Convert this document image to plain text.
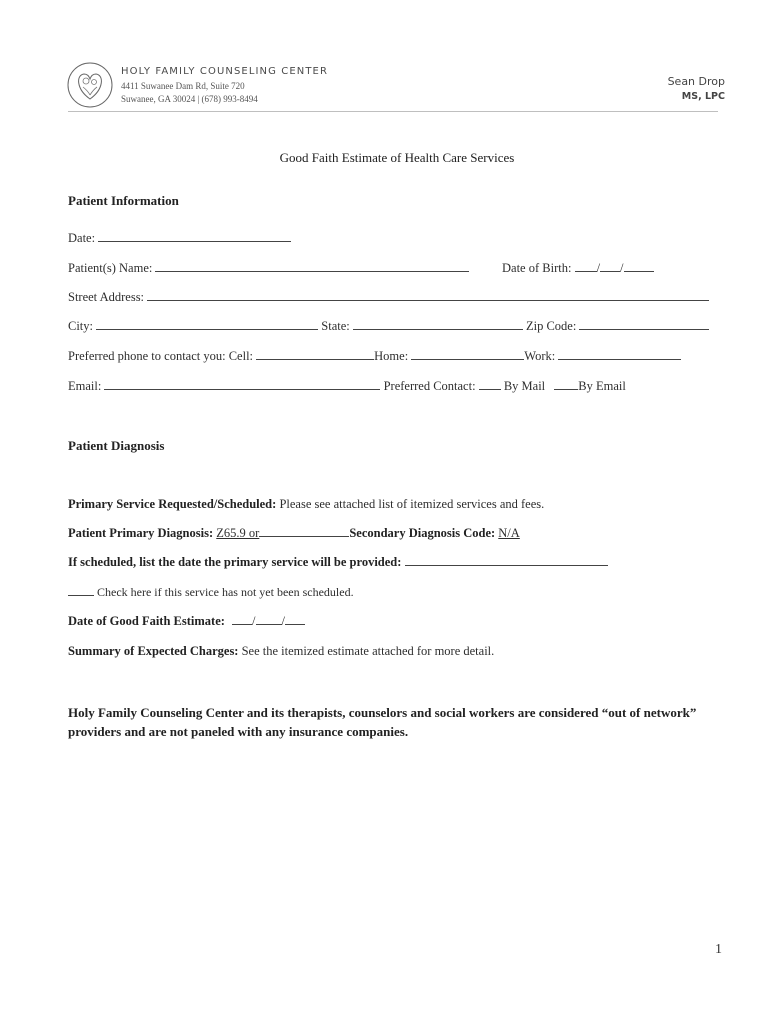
HOLY FAMILY COUNSELING CENTER
4411 Suwanee Dam Rd, Suite 720
Suwanee, GA 30024 | (678) 993-8494
Sean Drop
MS, LPC
Good Faith Estimate of Health Care Services
Patient Information
Date:
Patient(s) Name:	Date of Birth: / /
Street Address:
City:	State:	Zip Code:
Preferred phone to contact you: Cell:	Home:	Work:
Email:	Preferred Contact: By Mail	By Email
Patient Diagnosis
Primary Service Requested/Scheduled: Please see attached list of itemized services and fees.
Patient Primary Diagnosis: Z65.9 or	Secondary Diagnosis Code: N/A
If scheduled, list the date the primary service will be provided:
Check here if this service has not yet been scheduled.
Date of Good Faith Estimate: / /
Summary of Expected Charges: See the itemized estimate attached for more detail.
Holy Family Counseling Center and its therapists, counselors and social workers are considered “out of network” providers and are not paneled with any insurance companies.
1
